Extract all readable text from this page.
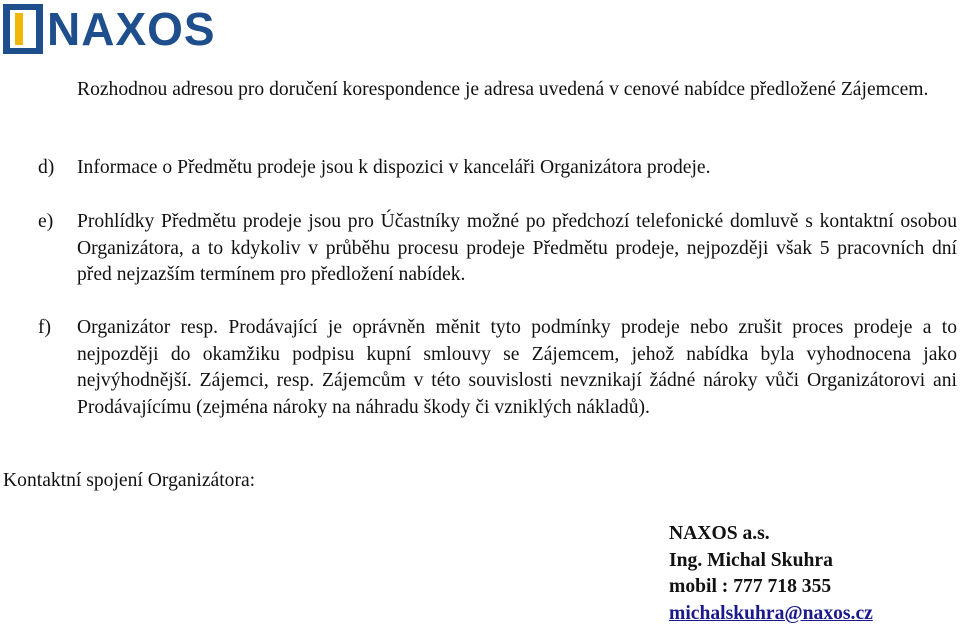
NAXOS
Rozhodnou adresou pro doručení korespondence je adresa uvedená v cenové nabídce předložené Zájemcem.
d) Informace o Předmětu prodeje jsou k dispozici v kanceláři Organizátora prodeje.
e) Prohlídky Předmětu prodeje jsou pro Účastníky možné po předchozí telefonické domluvě s kontaktní osobou Organizátora, a to kdykoliv v průběhu procesu prodeje Předmětu prodeje, nejpozději však 5 pracovních dní před nejzazším termínem pro předložení nabídek.
f) Organizátor resp. Prodávající je oprávněn měnit tyto podmínky prodeje nebo zrušit proces prodeje a to nejpozději do okamžiku podpisu kupní smlouvy se Zájemcem, jehož nabídka byla vyhodnocena jako nejvýhodnější. Zájemci, resp. Zájemcům v této souvislosti nevznikají žádné nároky vůči Organizátorovi ani Prodávajícímu (zejména nároky na náhradu škody či vzniklých nákladů).
Kontaktní spojení Organizátora:
NAXOS a.s.
Ing. Michal Skuhra
mobil : 777 718 355
michalskuhra@naxos.cz
